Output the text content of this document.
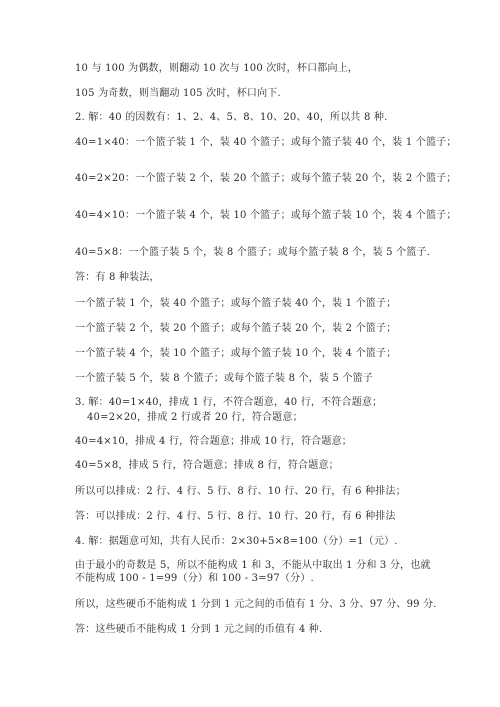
10 与 100 为偶数，则翻动 10 次与 100 次时，杯口都向上，
105 为奇数，则当翻动 105 次时，杯口向下.
2. 解：40 的因数有：1、2、4、5、8、10、20、40，所以共 8 种.
40=1×40：一个篮子装 1 个，装 40 个篮子；或每个篮子装 40 个，装 1 个篮子；
40=2×20：一个篮子装 2 个，装 20 个篮子；或每个篮子装 20 个，装 2 个篮子；
40=4×10：一个篮子装 4 个，装 10 个篮子；或每个篮子装 10 个，装 4 个篮子；
40=5×8：一个篮子装 5 个，装 8 个篮子；或每个篮子装 8 个，装 5 个篮子.
答：有 8 种装法，
一个篮子装 1 个，装 40 个篮子；或每个篮子装 40 个，装 1 个篮子；
一个篮子装 2 个，装 20 个篮子；或每个篮子装 20 个，装 2 个篮子；
一个篮子装 4 个，装 10 个篮子；或每个篮子装 10 个，装 4 个篮子；
一个篮子装 5 个，装 8 个篮子；或每个篮子装 8 个，装 5 个篮子
3. 解：40=1×40，排成 1 行，不符合题意，40 行，不符合题意；
40=2×20，排成 2 行或者 20 行，符合题意；
40=4×10，排成 4 行，符合题意；排成 10 行，符合题意；
40=5×8，排成 5 行，符合题意；排成 8 行，符合题意；
所以可以排成：2 行、4 行、5 行、8 行、10 行、20 行，有 6 种排法；
答：可以排成：2 行、4 行、5 行、8 行、10 行、20 行，有 6 种排法
4. 解：据题意可知，共有人民币：2×30+5×8=100（分）=1（元）.
由于最小的奇数是 5，所以不能构成 1 和 3，不能从中取出 1 分和 3 分，也就不能构成 100 - 1=99（分）和 100 - 3=97（分）.
所以，这些硬币不能构成 1 分到 1 元之间的币值有 1 分、3 分、97 分、99 分.
答：这些硬币不能构成 1 分到 1 元之间的币值有 4 种.
